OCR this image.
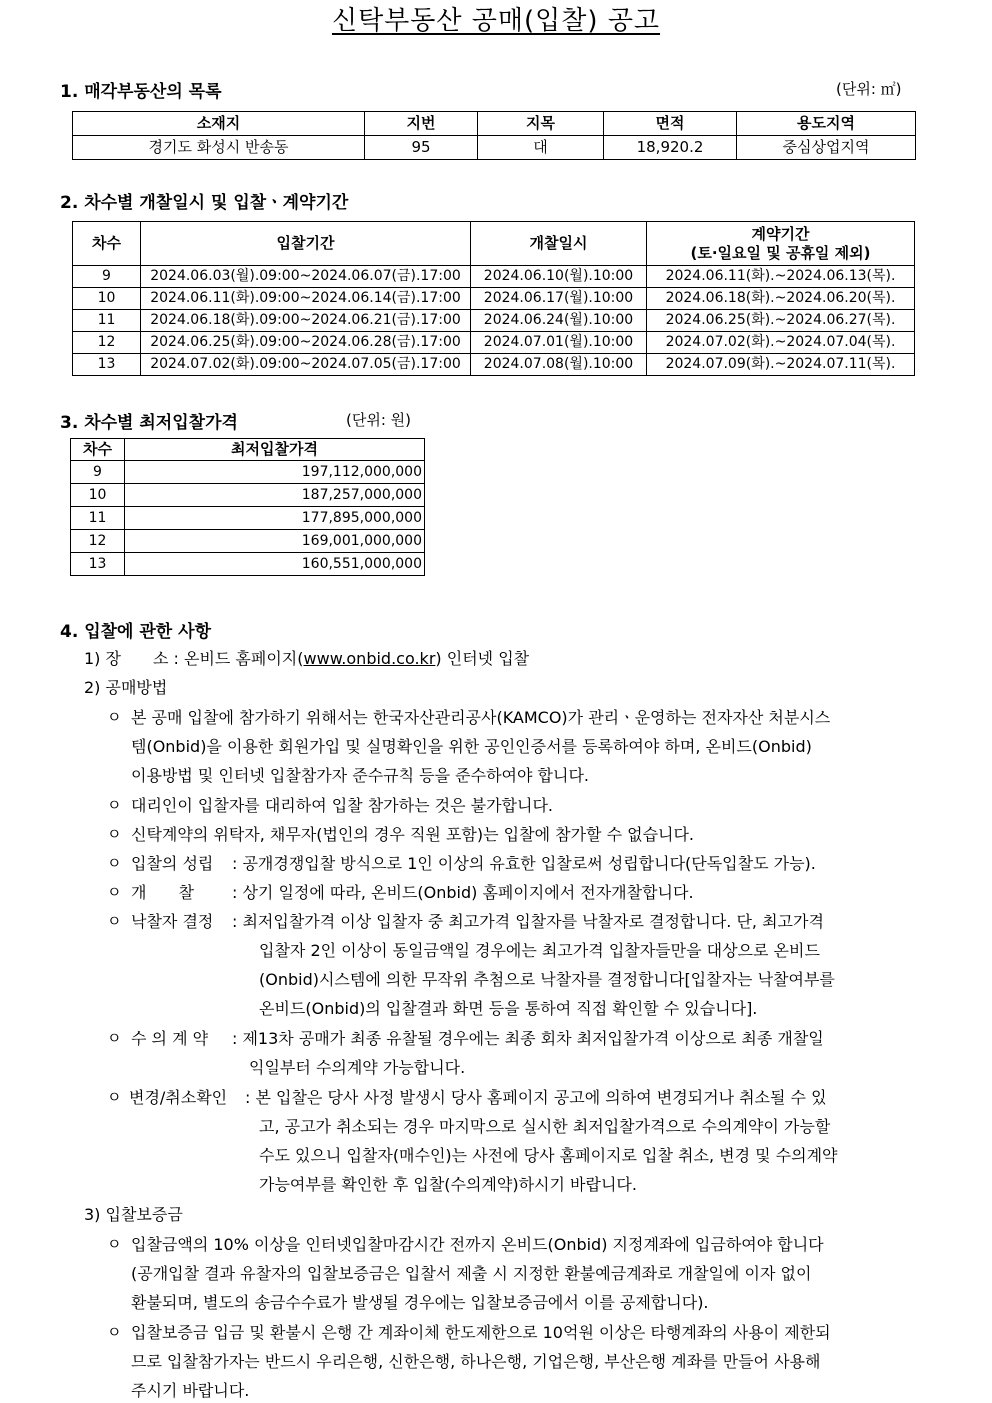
신탁부동산 공매(입찰) 공고
1. 매각부동산의 목록	(단위: ㎡)
소재지	지번	지목	면적	용도지역
경기도 화성시 반송동	95	대	18,920.2	중심상업지역
2. 차수별 개찰일시 및 입찰ㆍ계약기간
차수	입찰기간	개찰일시	계약기간
(토·일요일 및 공휴일 제외)

9	2024.06.03(월).09:00~2024.06.07(금).17:00	2024.06.10(월).10:00	2024.06.11(화).~2024.06.13(목).
10	2024.06.11(화).09:00~2024.06.14(금).17:00	2024.06.17(월).10:00	2024.06.18(화).~2024.06.20(목).
11	2024.06.18(화).09:00~2024.06.21(금).17:00	2024.06.24(월).10:00	2024.06.25(화).~2024.06.27(목).
12	2024.06.25(화).09:00~2024.06.28(금).17:00	2024.07.01(월).10:00	2024.07.02(화).~2024.07.04(목).
13	2024.07.02(화).09:00~2024.07.05(금).17:00	2024.07.08(월).10:00	2024.07.09(화).~2024.07.11(목).
3. 차수별 최저입찰가격	(단위: 원)
차수	최저입찰가격
9	197,112,000,000
10	187,257,000,000
11	177,895,000,000
12	169,001,000,000
13	160,551,000,000
4. 입찰에 관한 사항
1) 장　　소 : 온비드 홈페이지(www.onbid.co.kr) 인터넷 입찰
2) 공매방법
ㅇ 본 공매 입찰에 참가하기 위해서는 한국자산관리공사(KAMCO)가 관리ㆍ운영하는 전자자산 처분시스
템(Onbid)을 이용한 회원가입 및 실명확인을 위한 공인인증서를 등록하여야 하며, 온비드(Onbid)
이용방법 및 인터넷 입찰참가자 준수규칙 등을 준수하여야 합니다.
ㅇ 대리인이 입찰자를 대리하여 입찰 참가하는 것은 불가합니다.
ㅇ 신탁계약의 위탁자, 채무자(법인의 경우 직원 포함)는 입찰에 참가할 수 없습니다.
ㅇ 입찰의 성립 : 공개경쟁입찰 방식으로 1인 이상의 유효한 입찰로써 성립합니다(단독입찰도 가능).
ㅇ 개　　찰 : 상기 일정에 따라, 온비드(Onbid) 홈페이지에서 전자개찰합니다.
ㅇ 낙찰자 결정 : 최저입찰가격 이상 입찰자 중 최고가격 입찰자를 낙찰자로 결정합니다. 단, 최고가격
입찰자 2인 이상이 동일금액일 경우에는 최고가격 입찰자들만을 대상으로 온비드
(Onbid)시스템에 의한 무작위 추첨으로 낙찰자를 결정합니다[입찰자는 낙찰여부를
온비드(Onbid)의 입찰결과 화면 등을 통하여 직접 확인할 수 있습니다].
ㅇ 수 의 계 약 : 제13차 공매가 최종 유찰될 경우에는 최종 회차 최저입찰가격 이상으로 최종 개찰일
익일부터 수의계약 가능합니다.
ㅇ 변경/취소확인 : 본 입찰은 당사 사정 발생시 당사 홈페이지 공고에 의하여 변경되거나 취소될 수 있
고, 공고가 취소되는 경우 마지막으로 실시한 최저입찰가격으로 수의계약이 가능할
수도 있으니 입찰자(매수인)는 사전에 당사 홈페이지로 입찰 취소, 변경 및 수의계약
가능여부를 확인한 후 입찰(수의계약)하시기 바랍니다.
3) 입찰보증금
ㅇ 입찰금액의 10% 이상을 인터넷입찰마감시간 전까지 온비드(Onbid) 지정계좌에 입금하여야 합니다
(공개입찰 결과 유찰자의 입찰보증금은 입찰서 제출 시 지정한 환불예금계좌로 개찰일에 이자 없이
환불되며, 별도의 송금수수료가 발생될 경우에는 입찰보증금에서 이를 공제합니다).
ㅇ 입찰보증금 입금 및 환불시 은행 간 계좌이체 한도제한으로 10억원 이상은 타행계좌의 사용이 제한되
므로 입찰참가자는 반드시 우리은행, 신한은행, 하나은행, 기업은행, 부산은행 계좌를 만들어 사용해
주시기 바랍니다.
